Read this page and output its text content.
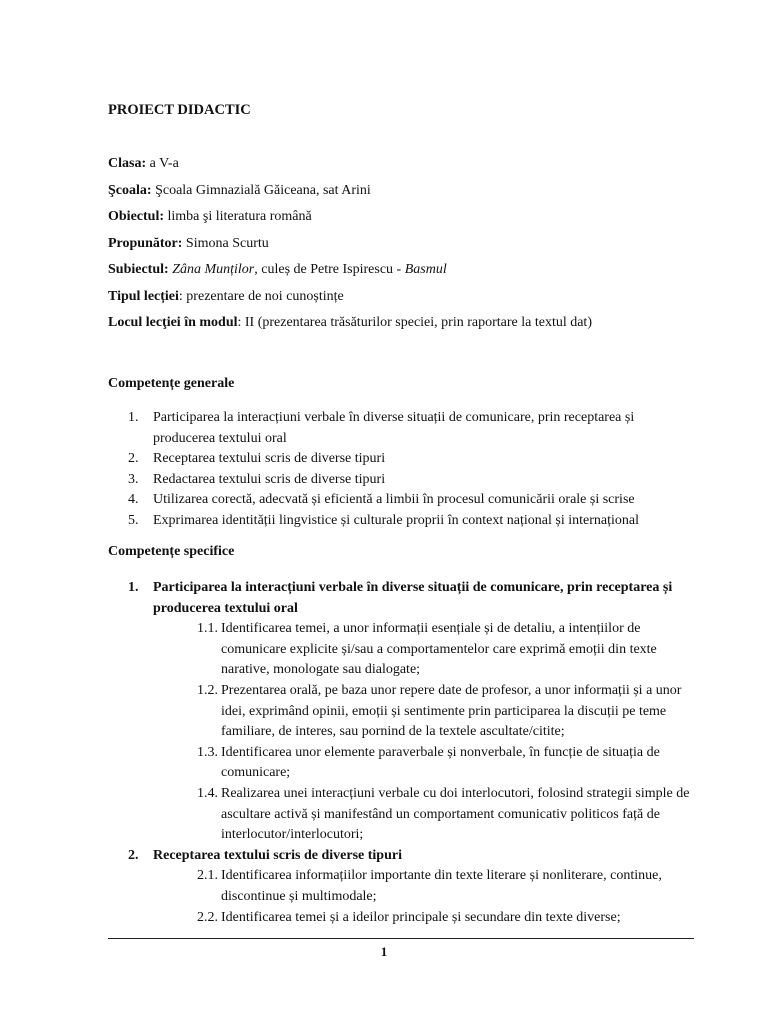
PROIECT DIDACTIC
Clasa: a V-a
Şcoala: Şcoala Gimnazială Găiceana, sat Arini
Obiectul: limba şi literatura română
Propunător: Simona Scurtu
Subiectul: Zâna Munților, culeș de Petre Ispirescu - Basmul
Tipul lecției: prezentare de noi cunoștințe
Locul lecţiei în modul: II (prezentarea trăsăturilor speciei, prin raportare la textul dat)
Competențe generale
1. Participarea la interacțiuni verbale în diverse situații de comunicare, prin receptarea și producerea textului oral
2. Receptarea textului scris de diverse tipuri
3. Redactarea textului scris de diverse tipuri
4. Utilizarea corectă, adecvată și eficientă a limbii în procesul comunicării orale și scrise
5. Exprimarea identității lingvistice și culturale proprii în context național și internațional
Competențe specifice
1. Participarea la interacțiuni verbale în diverse situații de comunicare, prin receptarea și producerea textului oral
1.1. Identificarea temei, a unor informații esențiale și de detaliu, a intențiilor de comunicare explicite și/sau a comportamentelor care exprimă emoții din texte narative, monologate sau dialogate;
1.2. Prezentarea orală, pe baza unor repere date de profesor, a unor informații și a unor idei, exprimând opinii, emoții și sentimente prin participarea la discuții pe teme familiare, de interes, sau pornind de la textele ascultate/citite;
1.3. Identificarea unor elemente paraverbale și nonverbale, în funcție de situația de comunicare;
1.4. Realizarea unei interacțiuni verbale cu doi interlocutori, folosind strategii simple de ascultare activă și manifestând un comportament comunicativ politicos față de interlocutor/interlocutori;
2. Receptarea textului scris de diverse tipuri
2.1. Identificarea informațiilor importante din texte literare și nonliterare, continue, discontinue și multimodale;
2.2. Identificarea temei și a ideilor principale și secundare din texte diverse;
1
